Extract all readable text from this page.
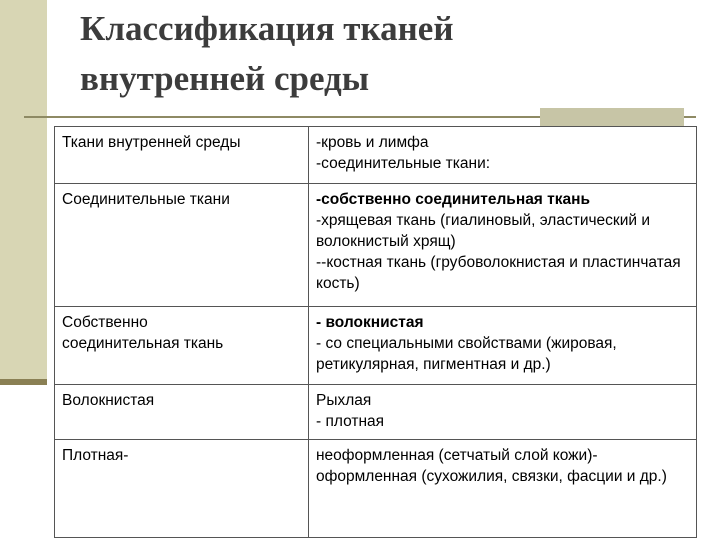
Классификация тканей
внутренней среды
Ткани внутренней среды	-кровь и лимфа
-соединительные ткани:

Соединительные ткани	-собственно соединительная ткань
-хрящевая ткань (гиалиновый, эластический и волокнистый хрящ)
--костная ткань (грубоволокнистая и пластинчатая кость)

Собственно
соединительная ткань	- волокнистая
- со специальными свойствами (жировая, ретикулярная, пигментная и др.)

Волокнистая	Рыхлая
- плотная

Плотная-	неоформленная (сетчатый слой кожи)- оформленная (сухожилия, связки, фасции и др.)
